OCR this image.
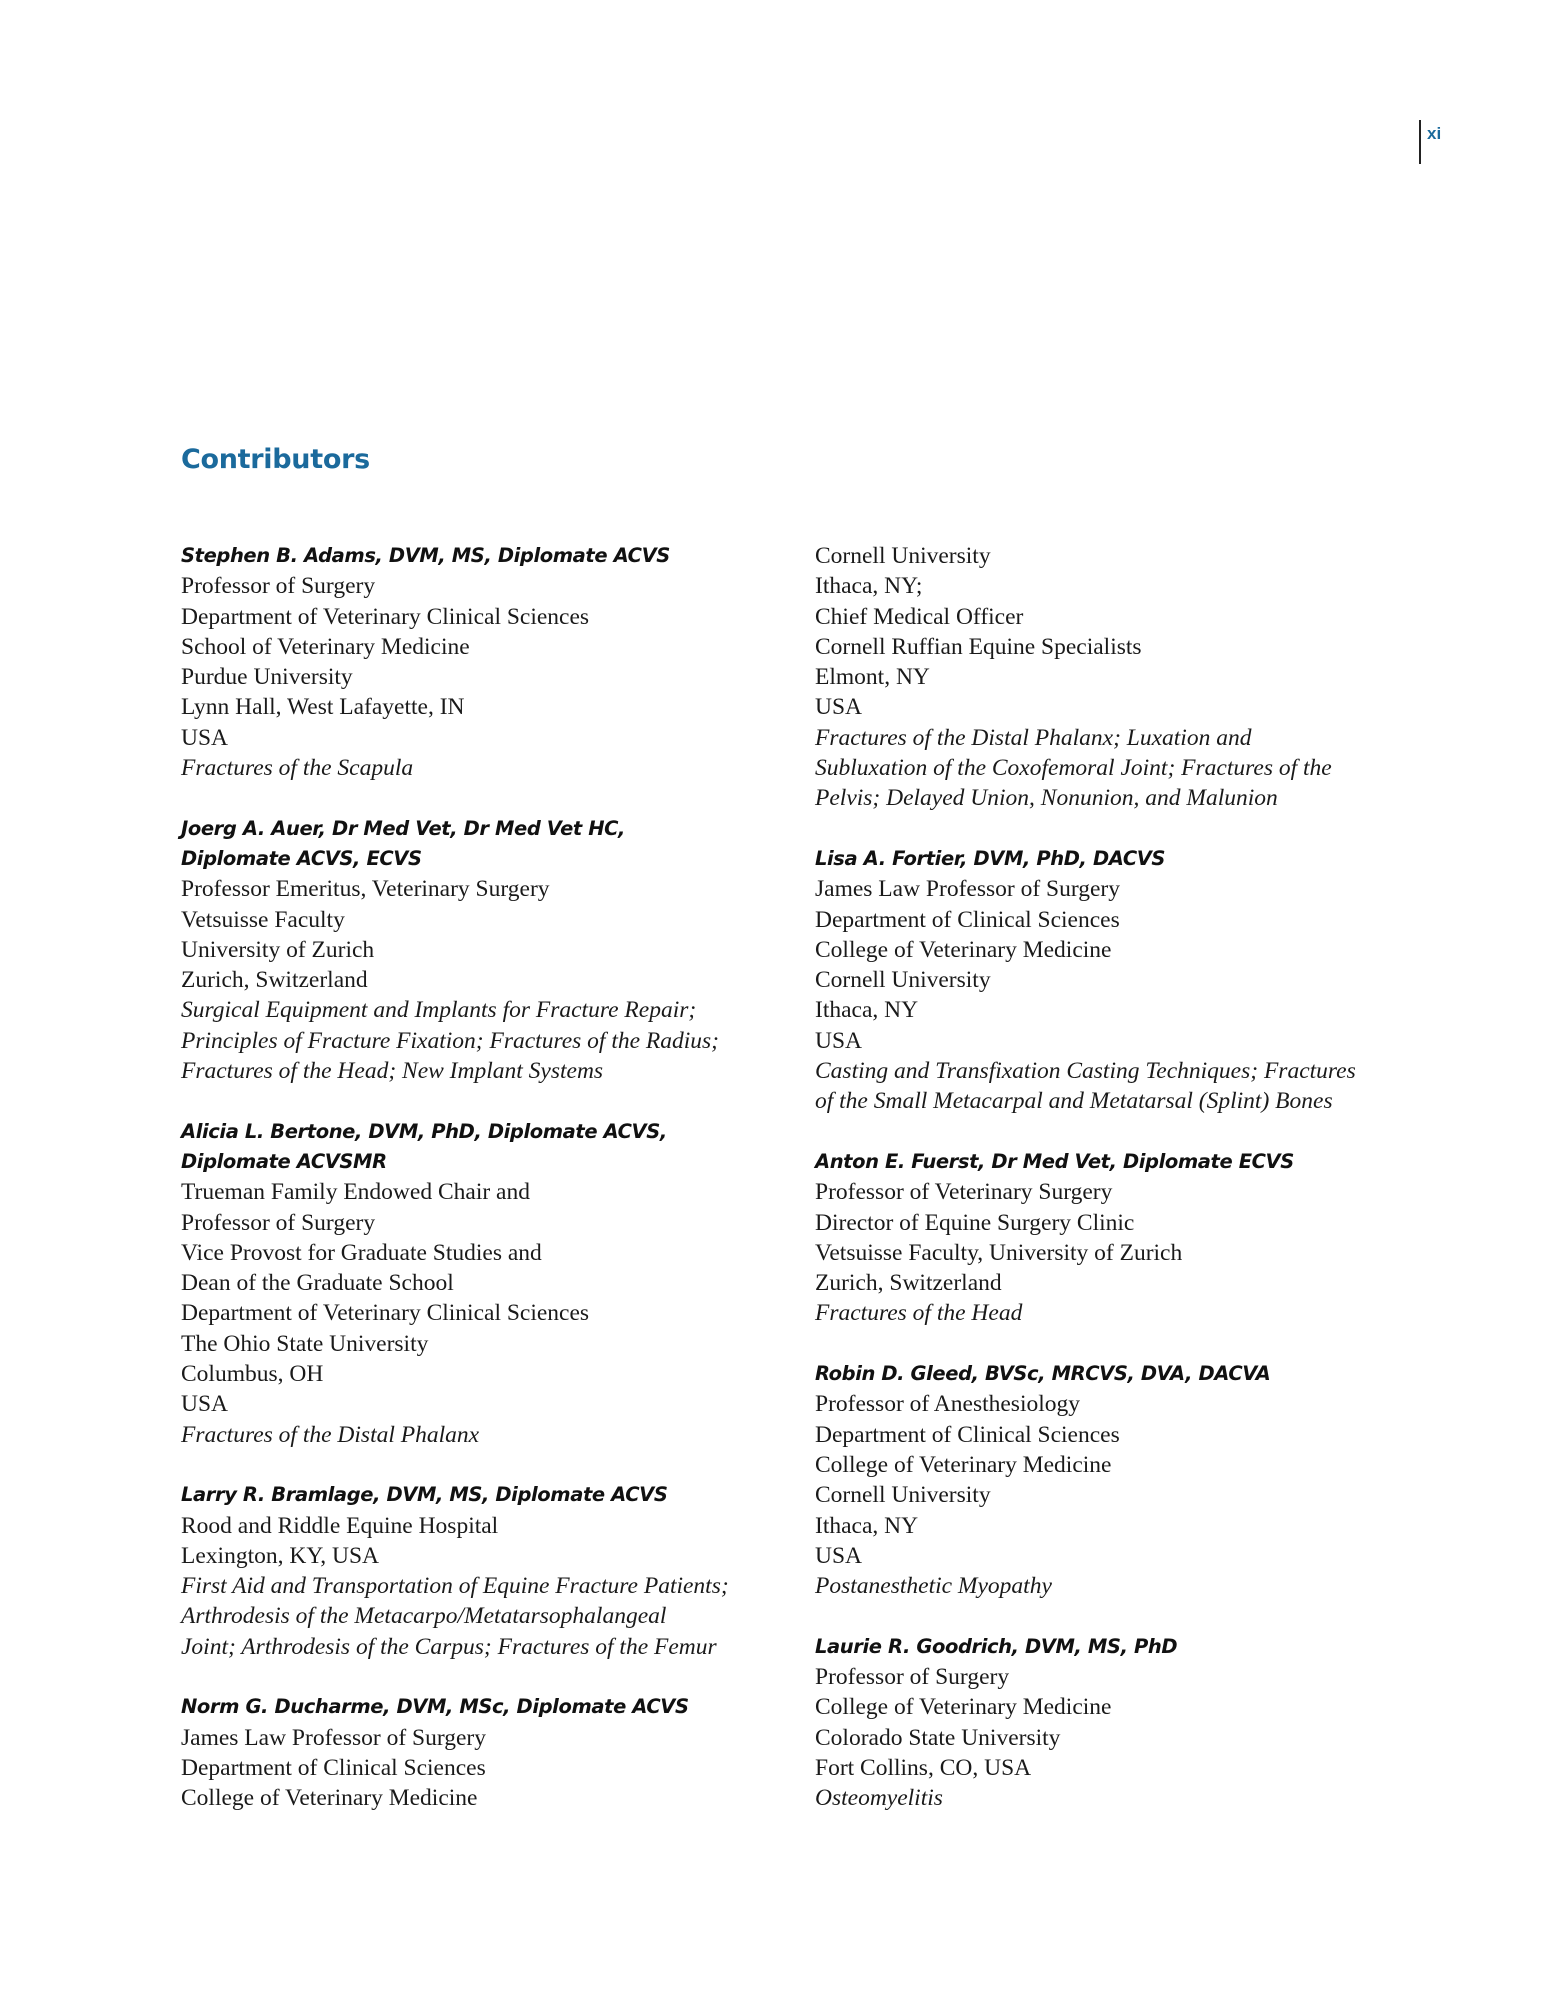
xi
Contributors
Stephen B. Adams, DVM, MS, Diplomate ACVS
Professor of Surgery
Department of Veterinary Clinical Sciences
School of Veterinary Medicine
Purdue University
Lynn Hall, West Lafayette, IN
USA
Fractures of the Scapula
Joerg A. Auer, Dr Med Vet, Dr Med Vet HC,
Diplomate ACVS, ECVS
Professor Emeritus, Veterinary Surgery
Vetsuisse Faculty
University of Zurich
Zurich, Switzerland
Surgical Equipment and Implants for Fracture Repair;
Principles of Fracture Fixation; Fractures of the Radius;
Fractures of the Head; New Implant Systems
Alicia L. Bertone, DVM, PhD, Diplomate ACVS,
Diplomate ACVSMR
Trueman Family Endowed Chair and
Professor of Surgery
Vice Provost for Graduate Studies and
Dean of the Graduate School
Department of Veterinary Clinical Sciences
The Ohio State University
Columbus, OH
USA
Fractures of the Distal Phalanx
Larry R. Bramlage, DVM, MS, Diplomate ACVS
Rood and Riddle Equine Hospital
Lexington, KY, USA
First Aid and Transportation of Equine Fracture Patients;
Arthrodesis of the Metacarpo/Metatarsophalangeal
Joint; Arthrodesis of the Carpus; Fractures of the Femur
Norm G. Ducharme, DVM, MSc, Diplomate ACVS
James Law Professor of Surgery
Department of Clinical Sciences
College of Veterinary Medicine
Cornell University
Ithaca, NY;
Chief Medical Officer
Cornell Ruffian Equine Specialists
Elmont, NY
USA
Fractures of the Distal Phalanx; Luxation and
Subluxation of the Coxofemoral Joint; Fractures of the
Pelvis; Delayed Union, Nonunion, and Malunion
Lisa A. Fortier, DVM, PhD, DACVS
James Law Professor of Surgery
Department of Clinical Sciences
College of Veterinary Medicine
Cornell University
Ithaca, NY
USA
Casting and Transfixation Casting Techniques; Fractures
of the Small Metacarpal and Metatarsal (Splint) Bones
Anton E. Fuerst, Dr Med Vet, Diplomate ECVS
Professor of Veterinary Surgery
Director of Equine Surgery Clinic
Vetsuisse Faculty, University of Zurich
Zurich, Switzerland
Fractures of the Head
Robin D. Gleed, BVSc, MRCVS, DVA, DACVA
Professor of Anesthesiology
Department of Clinical Sciences
College of Veterinary Medicine
Cornell University
Ithaca, NY
USA
Postanesthetic Myopathy
Laurie R. Goodrich, DVM, MS, PhD
Professor of Surgery
College of Veterinary Medicine
Colorado State University
Fort Collins, CO, USA
Osteomyelitis
